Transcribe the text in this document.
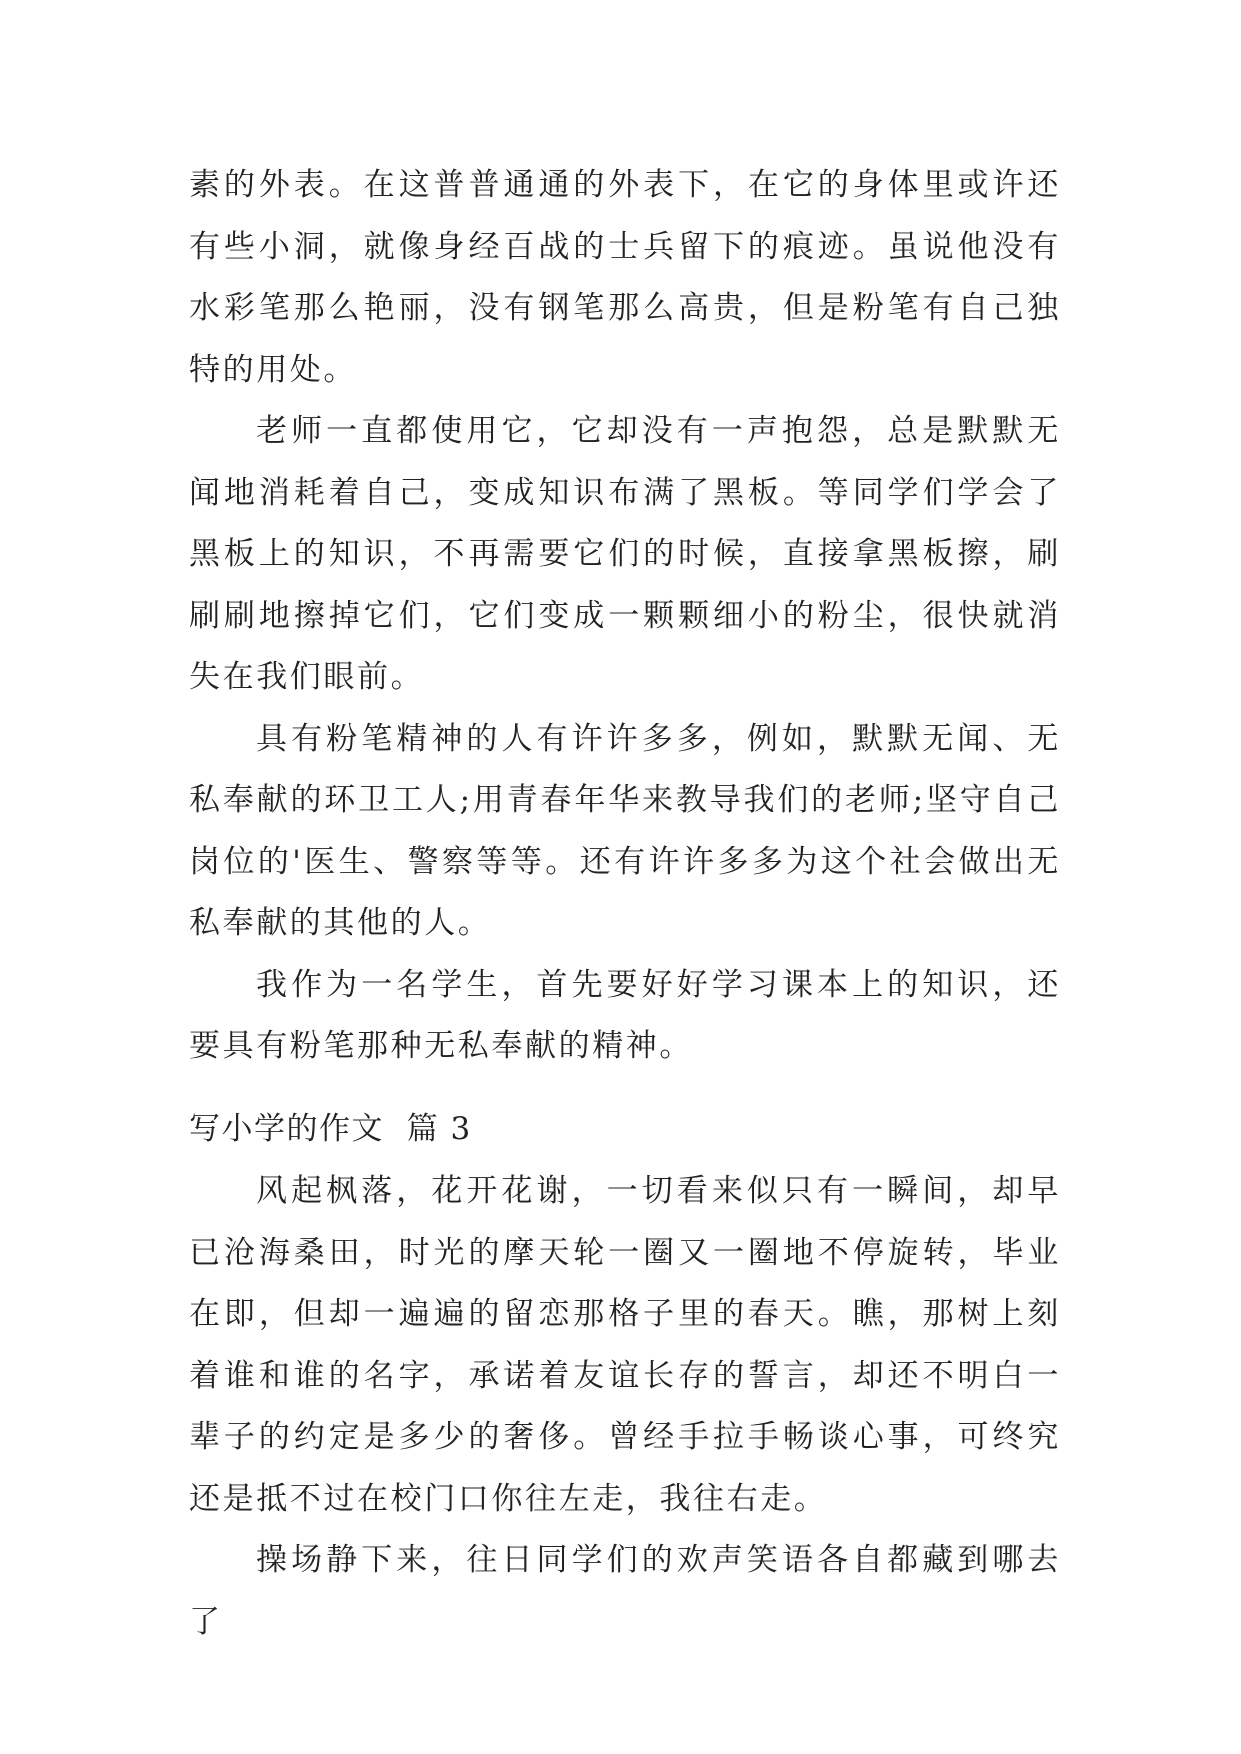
素的外表。在这普普通通的外表下，在它的身体里或许还有些小洞，就像身经百战的士兵留下的痕迹。虽说他没有水彩笔那么艳丽，没有钢笔那么高贵，但是粉笔有自己独特的用处。

老师一直都使用它，它却没有一声抱怨，总是默默无闻地消耗着自己，变成知识布满了黑板。等同学们学会了黑板上的知识，不再需要它们的时候，直接拿黑板擦，刷刷刷地擦掉它们，它们变成一颗颗细小的粉尘，很快就消失在我们眼前。

具有粉笔精神的人有许许多多，例如，默默无闻、无私奉献的环卫工人;用青春年华来教导我们的老师;坚守自己岗位的'医生、警察等等。还有许许多多为这个社会做出无私奉献的其他的人。

我作为一名学生，首先要好好学习课本上的知识，还要具有粉笔那种无私奉献的精神。

写小学的作文  篇 3

风起枫落，花开花谢，一切看来似只有一瞬间，却早已沧海桑田，时光的摩天轮一圈又一圈地不停旋转，毕业在即，但却一遍遍的留恋那格子里的春天。瞧，那树上刻着谁和谁的名字，承诺着友谊长存的誓言，却还不明白一辈子的约定是多少的奢侈。曾经手拉手畅谈心事，可终究还是抵不过在校门口你往左走，我往右走。

操场静下来，往日同学们的欢声笑语各自都藏到哪去了
